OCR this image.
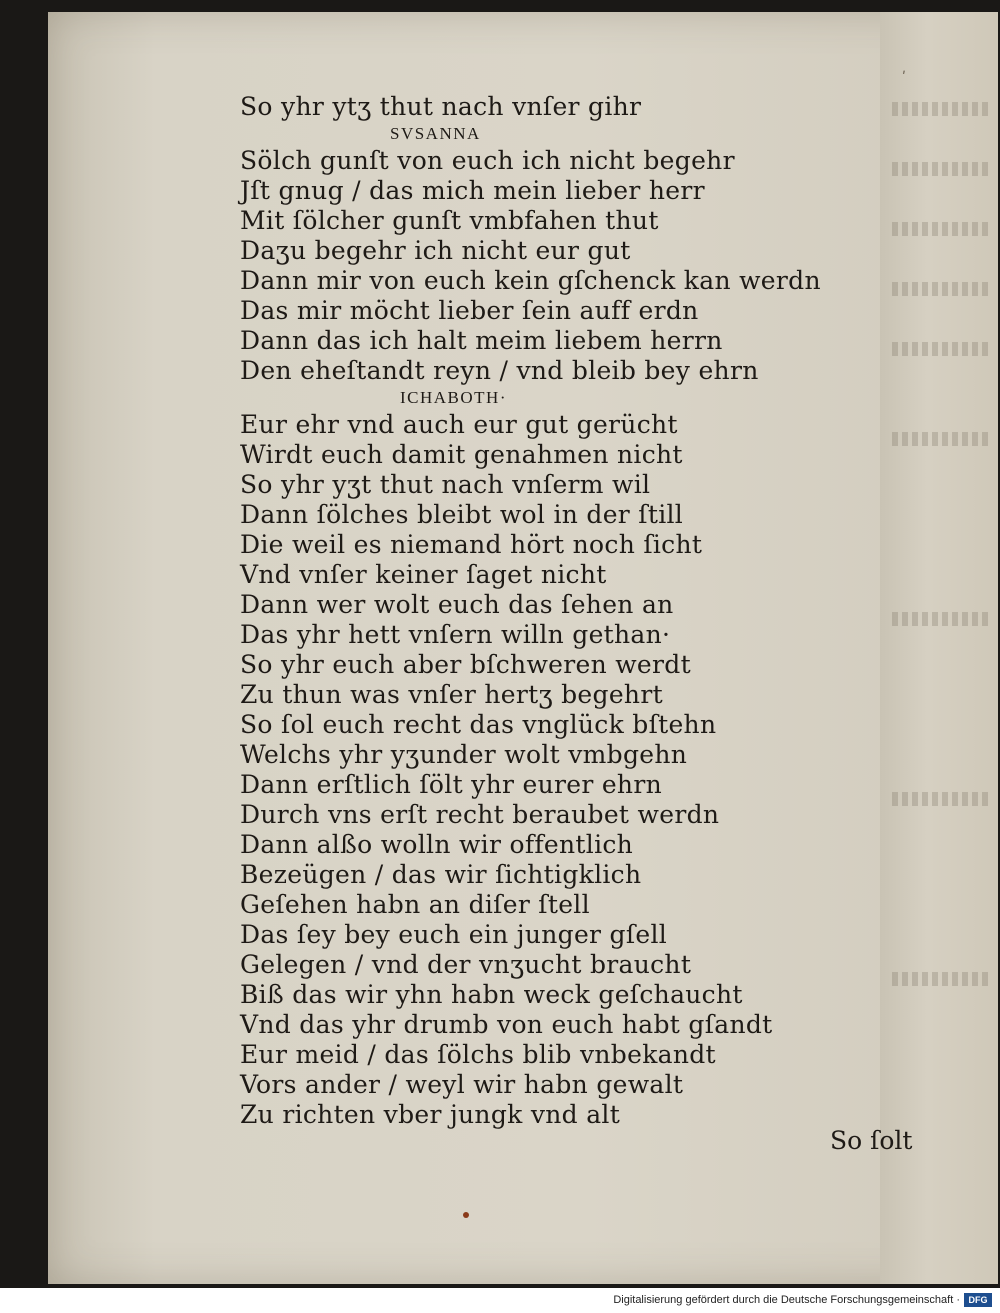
ʹ
So yhr ytʒ thut nach vnſer gihr
SVSANNA
Sölch gunſt von euch ich nicht begehr
Jſt gnug / das mich mein lieber herr
Mit ſölcher gunſt vmbfahen thut
Daʒu begehr ich nicht eur gut
Dann mir von euch kein gſchenck kan werdn
Das mir möcht lieber ſein auff erdn
Dann das ich halt meim liebem herrn
Den eheſtandt reyn / vnd bleib bey ehrn
ICHABOTH·
Eur ehr vnd auch eur gut gerücht
Wirdt euch damit genahmen nicht
So yhr yʒt thut nach vnſerm wil
Dann ſölches bleibt wol in der ſtill
Die weil es niemand hört noch ſicht
Vnd vnſer keiner ſaget nicht
Dann wer wolt euch das ſehen an
Das yhr hett vnſern willn gethan·
So yhr euch aber bſchweren werdt
Zu thun was vnſer hertʒ begehrt
So ſol euch recht das vnglück bſtehn
Welchs yhr yʒunder wolt vmbgehn
Dann erſtlich ſölt yhr eurer ehrn
Durch vns erſt recht beraubet werdn
Dann alßo wolln wir offentlich
Bezeügen / das wir ſichtigklich
Geſehen habn an diſer ſtell
Das ſey bey euch ein junger gſell
Gelegen / vnd der vnʒucht braucht
Biß das wir yhn habn weck geſchaucht
Vnd das yhr drumb von euch habt gſandt
Eur meid / das ſölchs blib vnbekandt
Vors ander / weyl wir habn gewalt
Zu richten vber jungk vnd alt
So ſolt
Digitalisierung gefördert durch die Deutsche Forschungsgemeinschaft · DFG
